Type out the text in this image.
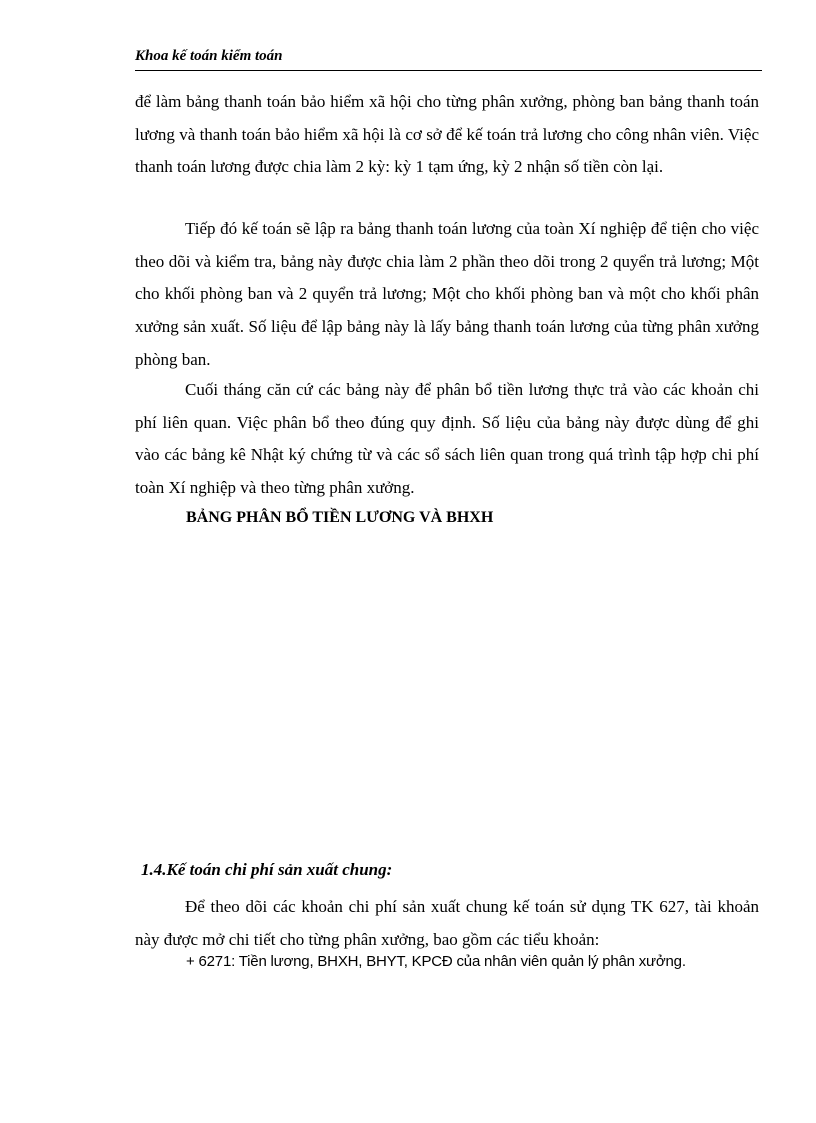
Khoa kế toán kiểm toán

để làm bảng thanh toán bảo hiểm xã hội cho từng phân xưởng, phòng ban bảng thanh toán lương và thanh toán bảo hiểm xã hội là cơ sở để kế toán trả lương cho công nhân viên. Việc thanh toán lương được chia làm 2 kỳ: kỳ 1 tạm ứng, kỳ 2 nhận số tiền còn lại.

Tiếp đó kế toán sẽ lập ra bảng thanh toán lương của toàn Xí nghiệp để tiện cho việc theo dõi và kiểm tra, bảng này được chia làm 2 phần theo dõi trong 2 quyển trả lương; Một cho khối phòng ban và 2 quyển trả lương; Một cho khối phòng ban và một cho khối phân xưởng sản xuất. Số liệu để lập bảng này là lấy bảng thanh toán lương của từng phân xưởng phòng ban.

Cuối tháng căn cứ các bảng này để phân bổ tiền lương thực trả vào các khoản chi phí liên quan. Việc phân bổ theo đúng quy định. Số liệu của bảng này được dùng để ghi vào các bảng kê Nhật ký chứng từ và các sổ sách liên quan trong quá trình tập hợp chi phí toàn Xí nghiệp và theo từng phân xưởng.

BẢNG PHÂN BỔ TIỀN LƯƠNG VÀ BHXH
1.4.Kế toán chi phí sản xuất chung:

Để theo dõi các khoản chi phí sản xuất chung kế toán sử dụng TK 627, tài khoản này được mở chi tiết cho từng phân xưởng, bao gồm các tiểu khoản:

+ 6271: Tiền lương, BHXH, BHYT, KPCĐ của nhân viên quản lý phân xưởng.
